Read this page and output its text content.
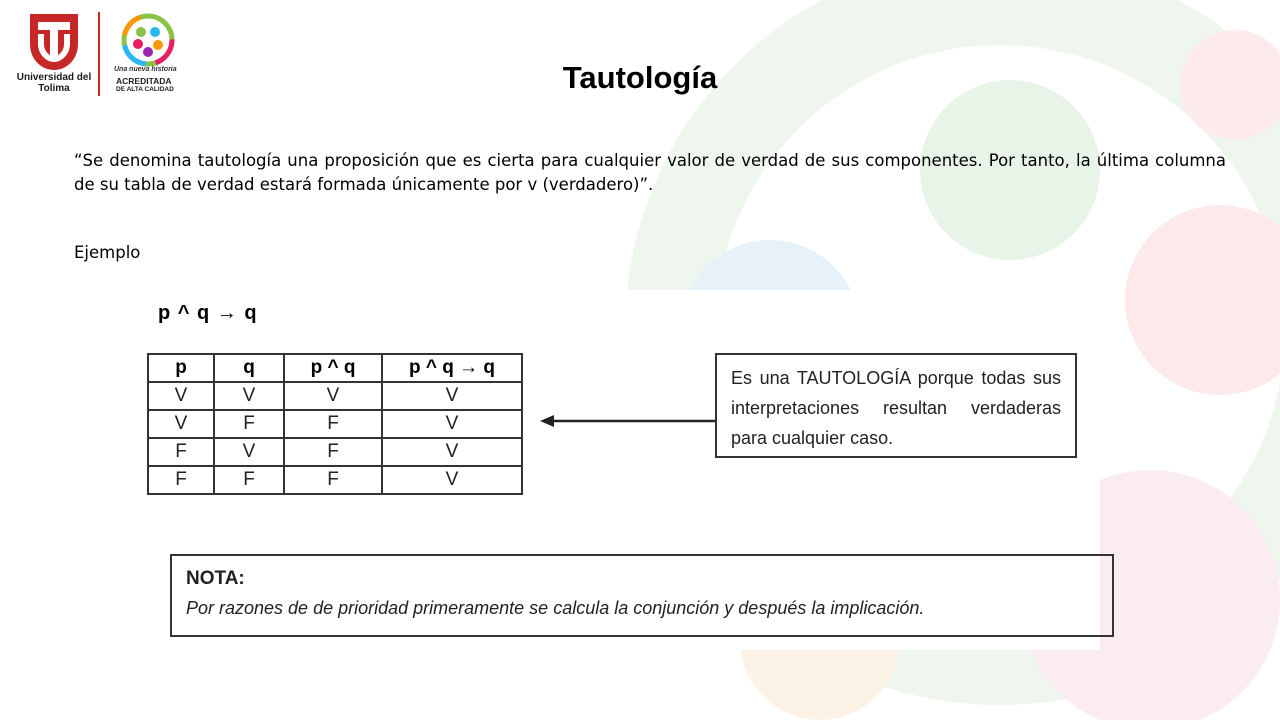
Universidad del Tolima
Una nueva historia
ACREDITADA
DE ALTA CALIDAD	Tautología
“Se denomina tautología una proposición que es cierta para cualquier valor de verdad de sus componentes. Por tanto, la última columna de su tabla de verdad estará formada únicamente por v (verdadero)”.
Ejemplo
p ^ q → q
p	q	p ^ q	p ^ q → q
V	V	V	V
V	F	F	V
F	V	F	V
F	F	F	V
Es una TAUTOLOGÍA porque todas sus interpretaciones resultan verdaderas para cualquier caso.
NOTA:
Por razones de de prioridad primeramente se calcula la conjunción y después la implicación.
